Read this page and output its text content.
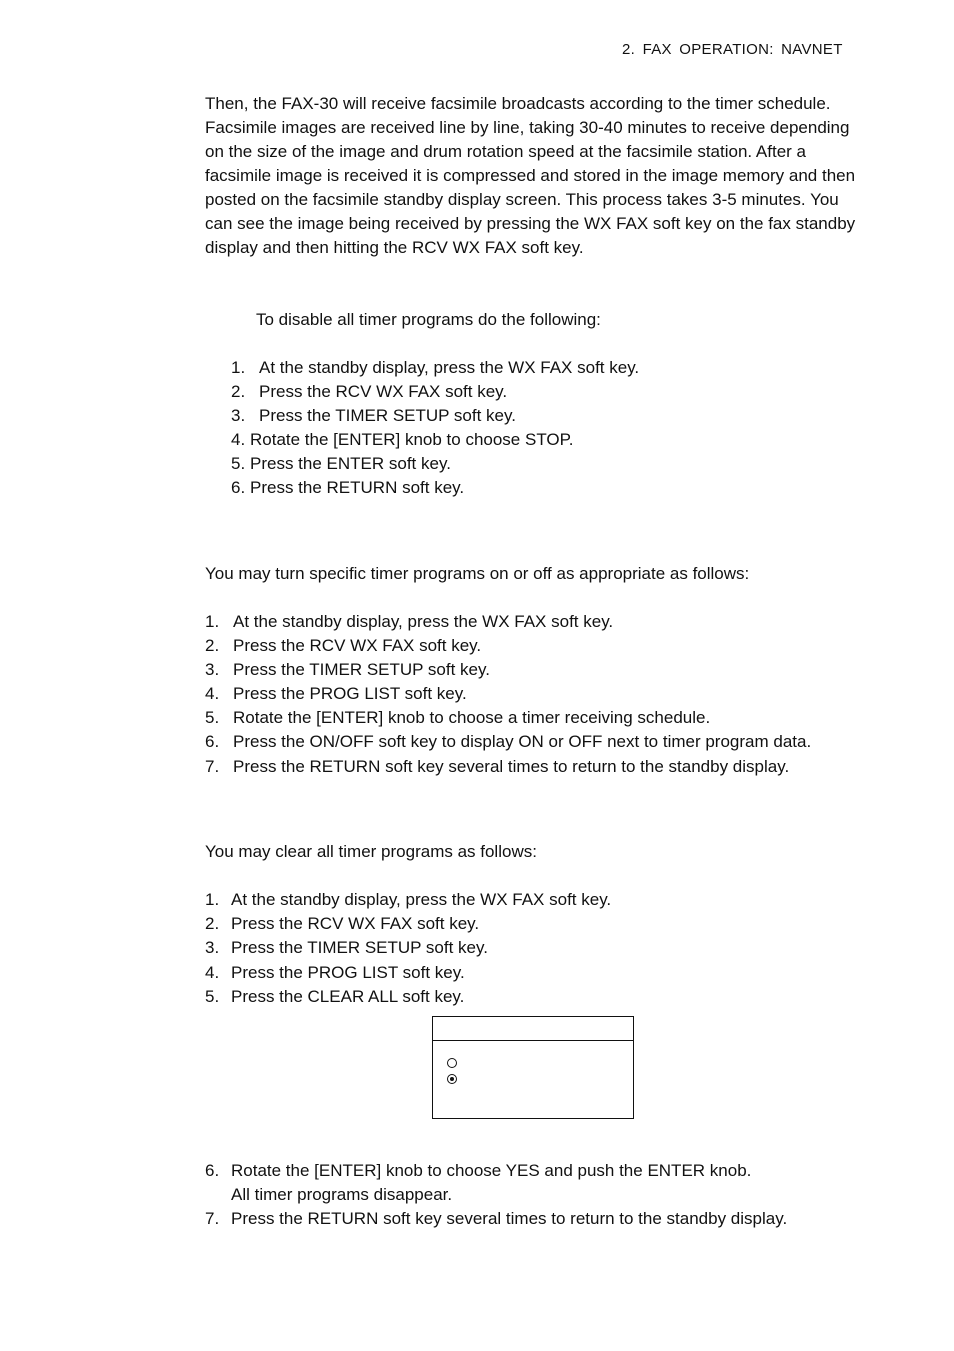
2. FAX OPERATION: NAVNET
Then, the FAX-30 will receive facsimile broadcasts according to the timer schedule. Facsimile images are received line by line, taking 30-40 minutes to receive depending on the size of the image and drum rotation speed at the facsimile station. After a facsimile image is received it is compressed and stored in the image memory and then posted on the facsimile standby display screen. This process takes 3-5 minutes. You can see the image being received by pressing the WX FAX soft key on the fax standby display and then hitting the RCV WX FAX soft key.
To disable all timer programs do the following:
1. At the standby display, press the WX FAX soft key.
2. Press the RCV WX FAX soft key.
3. Press the TIMER SETUP soft key.
4. Rotate the [ENTER] knob to choose STOP.
5. Press the ENTER soft key.
6. Press the RETURN soft key.
You may turn specific timer programs on or off as appropriate as follows:
1. At the standby display, press the WX FAX soft key.
2. Press the RCV WX FAX soft key.
3. Press the TIMER SETUP soft key.
4. Press the PROG LIST soft key.
5. Rotate the [ENTER] knob to choose a timer receiving schedule.
6. Press the ON/OFF soft key to display ON or OFF next to timer program data.
7. Press the RETURN soft key several times to return to the standby display.
You may clear all timer programs as follows:
1. At the standby display, press the WX FAX soft key.
2. Press the RCV WX FAX soft key.
3. Press the TIMER SETUP soft key.
4. Press the PROG LIST soft key.
5. Press the CLEAR ALL soft key.
6. Rotate the [ENTER] knob to choose YES and push the ENTER knob.
All timer programs disappear.
7. Press the RETURN soft key several times to return to the standby display.
